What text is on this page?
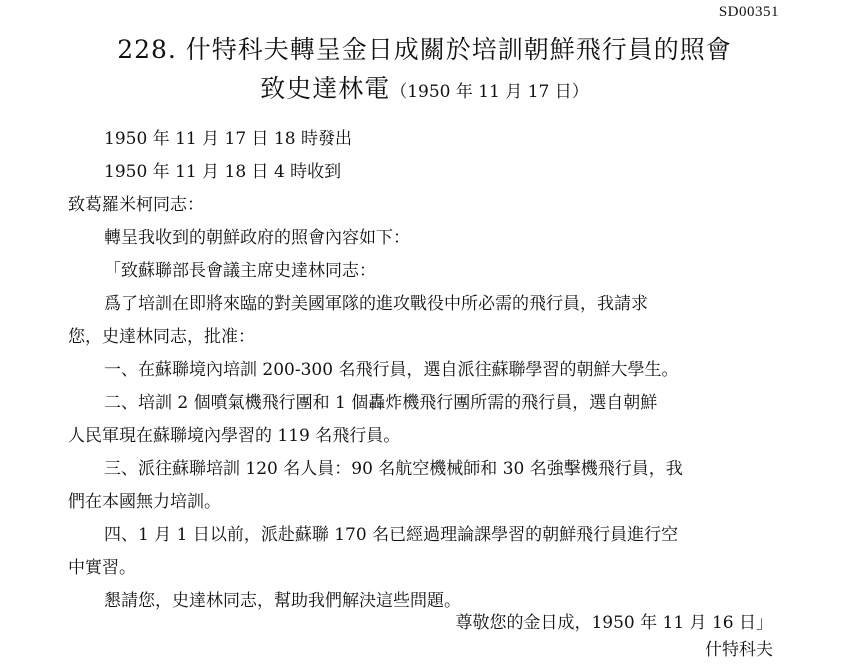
SD00351
228. 什特科夫轉呈金日成關於培訓朝鮮飛行員的照會
致史達林電（1950 年 11 月 17 日）
1950 年 11 月 17 日 18 時發出
1950 年 11 月 18 日 4 時收到
致葛羅米柯同志：
轉呈我收到的朝鮮政府的照會內容如下：
「致蘇聯部長會議主席史達林同志：
爲了培訓在即將來臨的對美國軍隊的進攻戰役中所必需的飛行員，我請求
您，史達林同志，批准：
一、在蘇聯境內培訓 200-300 名飛行員，選自派往蘇聯學習的朝鮮大學生。
二、培訓 2 個噴氣機飛行團和 1 個轟炸機飛行團所需的飛行員，選自朝鮮
人民軍現在蘇聯境內學習的 119 名飛行員。
三、派往蘇聯培訓 120 名人員：90 名航空機械師和 30 名強擊機飛行員，我
們在本國無力培訓。
四、1 月 1 日以前，派赴蘇聯 170 名已經過理論課學習的朝鮮飛行員進行空
中實習。
懇請您，史達林同志，幫助我們解決這些問題。
尊敬您的金日成，1950 年 11 月 16 日」
什特科夫
